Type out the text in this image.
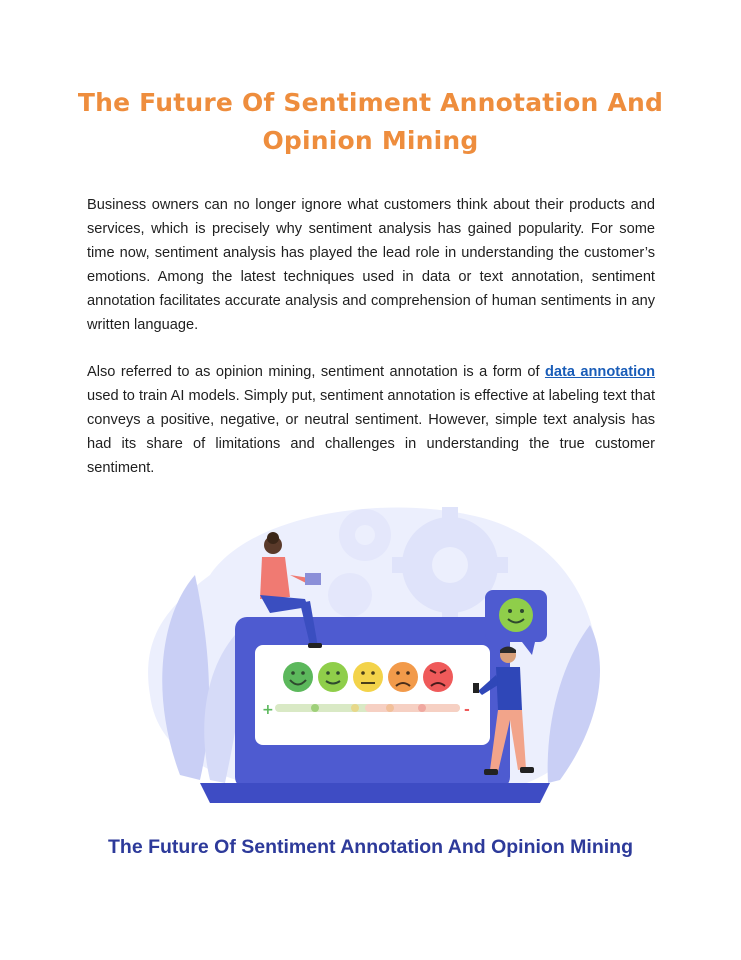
The Future Of Sentiment Annotation And Opinion Mining

Business owners can no longer ignore what customers think about their products and services, which is precisely why sentiment analysis has gained popularity. For some time now, sentiment analysis has played the lead role in understanding the customer’s emotions. Among the latest techniques used in data or text annotation, sentiment annotation facilitates accurate analysis and comprehension of human sentiments in any written language.

Also referred to as opinion mining, sentiment annotation is a form of data annotation used to train AI models. Simply put, sentiment annotation is effective at labeling text that conveys a positive, negative, or neutral sentiment. However, simple text analysis has had its share of limitations and challenges in understanding the true customer sentiment.

+	-

The Future Of Sentiment Annotation And Opinion Mining
